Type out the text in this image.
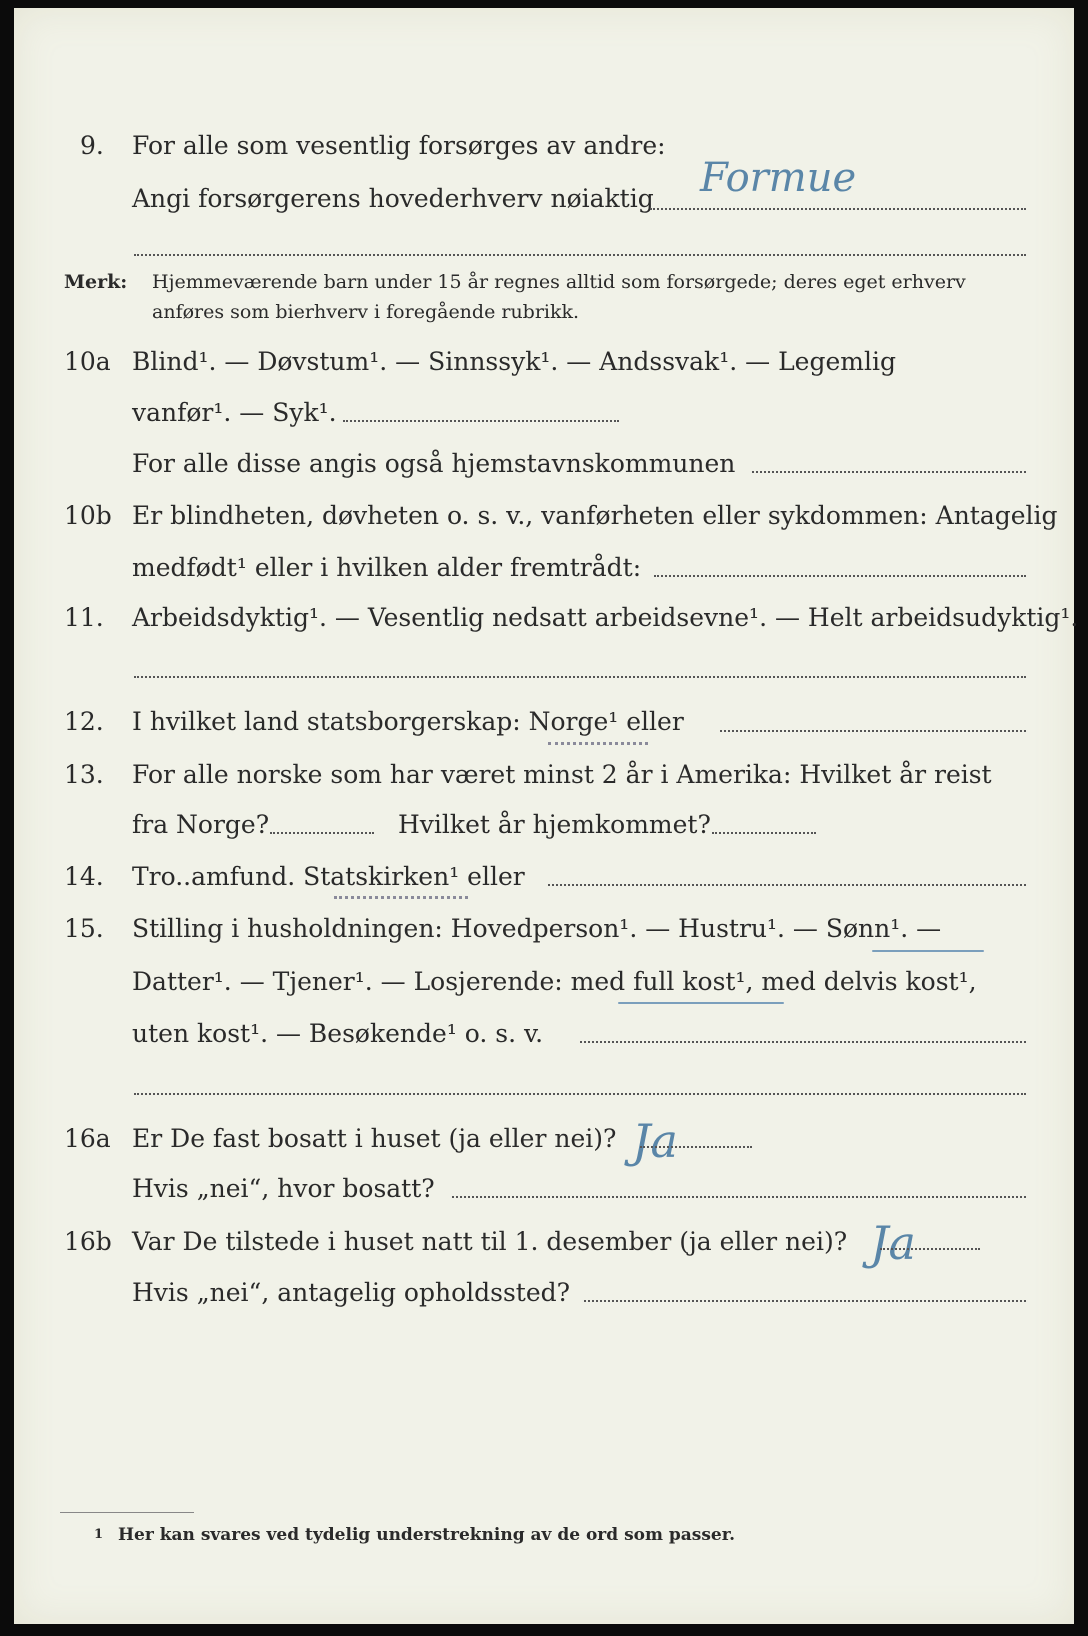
9. For alle som vesentlig forsørges av andre:
Angi forsørgerens hovederhverv nøiaktig Formue
Merk: Hjemmeværende barn under 15 år regnes alltid som forsørgede; deres eget erhverv
anføres som bierhverv i foregående rubrikk.
10a Blind¹. — Døvstum¹. — Sinnssyk¹. — Andssvak¹. — Legemlig
vanfør¹. — Syk¹.
For alle disse angis også hjemstavnskommunen
10b Er blindheten, døvheten o. s. v., vanførheten eller sykdommen: Antagelig
medfødt¹ eller i hvilken alder fremtrådt:
11. Arbeidsdyktig¹. — Vesentlig nedsatt arbeidsevne¹. — Helt arbeidsudyktig¹.
12. I hvilket land statsborgerskap: Norge¹ eller
13. For alle norske som har været minst 2 år i Amerika: Hvilket år reist
fra Norge?	Hvilket år hjemkommet?
14. Tro..amfund. Statskirken¹ eller
15. Stilling i husholdningen: Hovedperson¹. — Hustru¹. — Sønn¹. —
Datter¹. — Tjener¹. — Losjerende: med full kost¹, med delvis kost¹,
uten kost¹. — Besøkende¹ o. s. v.
16a Er De fast bosatt i huset (ja eller nei)? Ja
Hvis „nei“, hvor bosatt?
16b Var De tilstede i huset natt til 1. desember (ja eller nei)? Ja
Hvis „nei“, antagelig opholdssted?
1 Her kan svares ved tydelig understrekning av de ord som passer.
